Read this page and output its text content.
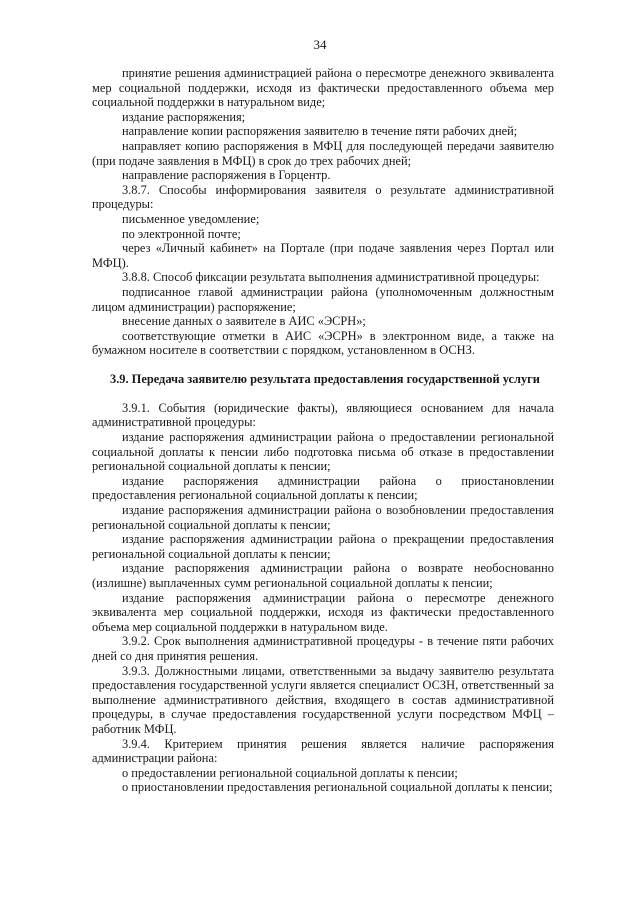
34

принятие решения администрацией района о пересмотре денежного эквивалента мер социальной поддержки, исходя из фактически предоставленного объема мер социальной поддержки в натуральном виде;

издание распоряжения;

направление копии распоряжения заявителю в течение пяти рабочих дней;

направляет копию распоряжения в МФЦ для последующей передачи заявителю (при подаче заявления в МФЦ) в срок до трех рабочих дней;

направление распоряжения в Горцентр.

3.8.7. Способы информирования заявителя о результате административной процедуры:

письменное уведомление;

по электронной почте;

через «Личный кабинет» на Портале (при подаче заявления через Портал или МФЦ).

3.8.8. Способ фиксации результата выполнения административной процедуры:

подписанное главой администрации района (уполномоченным должностным лицом администрации) распоряжение;

внесение данных о заявителе в АИС «ЭСРН»;

соответствующие отметки в АИС «ЭСРН» в электронном виде, а также на бумажном носителе в соответствии с порядком, установленном в ОСНЗ.

3.9. Передача заявителю результата предоставления государственной услуги

3.9.1. События (юридические факты), являющиеся основанием для начала административной процедуры:

издание распоряжения администрации района о предоставлении региональной социальной доплаты к пенсии либо подготовка письма об отказе в предоставлении региональной социальной доплаты к пенсии;

издание распоряжения администрации района о приостановлении предоставления региональной социальной доплаты к пенсии;

издание распоряжения администрации района о возобновлении предоставления региональной социальной доплаты к пенсии;

издание распоряжения администрации района о прекращении предоставления региональной социальной доплаты к пенсии;

издание распоряжения администрации района о возврате необоснованно (излишне) выплаченных сумм региональной социальной доплаты к пенсии;

издание распоряжения администрации района о пересмотре денежного эквивалента мер социальной поддержки, исходя из фактически предоставленного объема мер социальной поддержки в натуральном виде.

3.9.2. Срок выполнения административной процедуры - в течение пяти рабочих дней со дня принятия решения.

3.9.3. Должностными лицами, ответственными за выдачу заявителю результата предоставления государственной услуги является специалист ОСЗН, ответственный за выполнение административного действия, входящего в состав административной процедуры, в случае предоставления государственной услуги посредством МФЦ – работник МФЦ.

3.9.4. Критерием принятия решения является наличие распоряжения администрации района:

о предоставлении региональной социальной доплаты к пенсии;

о приостановлении предоставления региональной социальной доплаты к пенсии;
